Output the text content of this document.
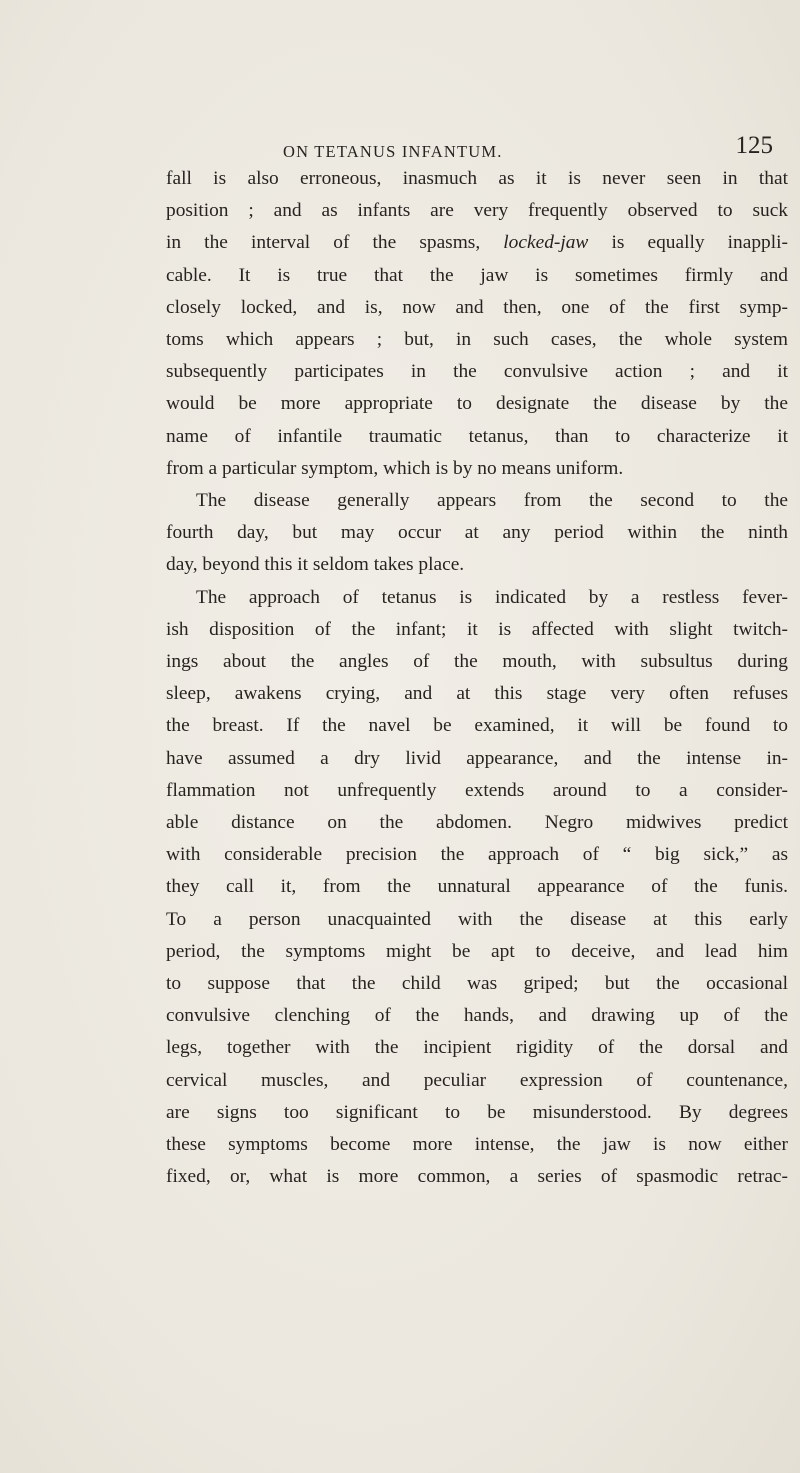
ON TETANUS INFANTUM.	125
fall is also erroneous, inasmuch as it is never seen in that
position ; and as infants are very frequently observed to suck
in the interval of the spasms, locked-jaw is equally inappli-
cable. It is true that the jaw is sometimes firmly and
closely locked, and is, now and then, one of the first symp-
toms which appears ; but, in such cases, the whole system
subsequently participates in the convulsive action ; and it
would be more appropriate to designate the disease by the
name of infantile traumatic tetanus, than to characterize it
from a particular symptom, which is by no means uniform.
The disease generally appears from the second to the
fourth day, but may occur at any period within the ninth
day, beyond this it seldom takes place.
The approach of tetanus is indicated by a restless fever-
ish disposition of the infant; it is affected with slight twitch-
ings about the angles of the mouth, with subsultus during
sleep, awakens crying, and at this stage very often refuses
the breast. If the navel be examined, it will be found to
have assumed a dry livid appearance, and the intense in-
flammation not unfrequently extends around to a consider-
able distance on the abdomen. Negro midwives predict
with considerable precision the approach of “ big sick,” as
they call it, from the unnatural appearance of the funis.
To a person unacquainted with the disease at this early
period, the symptoms might be apt to deceive, and lead him
to suppose that the child was griped; but the occasional
convulsive clenching of the hands, and drawing up of the
legs, together with the incipient rigidity of the dorsal and
cervical muscles, and peculiar expression of countenance,
are signs too significant to be misunderstood. By degrees
these symptoms become more intense, the jaw is now either
fixed, or, what is more common, a series of spasmodic retrac-
